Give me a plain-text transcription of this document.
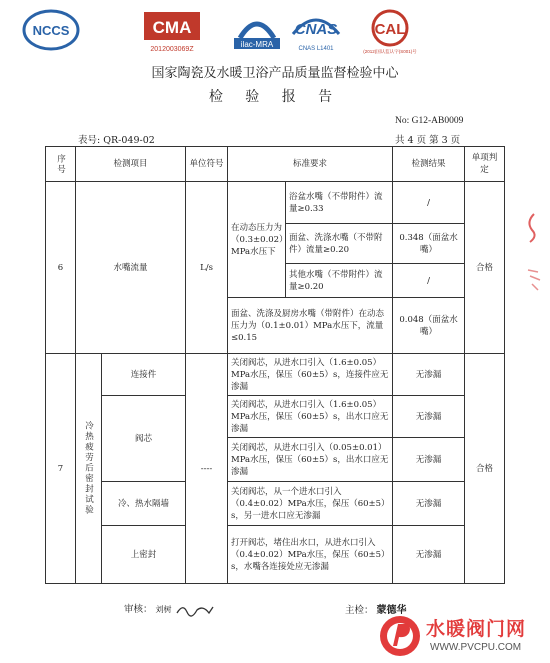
NCCS	CMA
2012003069Z
ilac-MRA
CNAS
CNAS L1401
CAL
(2012)国认监认字(S001)号
国家陶瓷及水暖卫浴产品质量监督检验中心
检 验 报 告
No: G12-AB0009
表号: QR-049-02	共 4 页 第 3 页
序号	检测项目		单位符号	标准要求		检测结果	单项判定
6	水嘴流量		L/s	在动态压力为（0.3±0.02）MPa水压下	浴盆水嘴（不带附件）流量≥0.33	/	合格
					面盆、洗涤水嘴（不带附件）流量≥0.20	0.348（面盆水嘴）	
					其他水嘴（不带附件）流量≥0.20	/	
				面盆、洗涤及厨房水嘴（带附件）在动态压力为（0.1±0.01）MPa水压下，流量≤0.15		0.048（面盆水嘴）	
7	冷热疲劳后密封试验	连接件	----	关闭阀芯，从进水口引入（1.6±0.05）MPa水压，保压（60±5）s，连接件应无渗漏		无渗漏	合格
		阀芯		关闭阀芯，从进水口引入（1.6±0.05）MPa水压，保压（60±5）s，出水口应无渗漏		无渗漏	
				关闭阀芯，从进水口引入（0.05±0.01）MPa水压，保压（60±5）s，出水口应无渗漏		无渗漏	
		冷、热水隔墙		关闭阀芯，从一个进水口引入（0.4±0.02）MPa水压，保压（60±5）s，另一进水口应无渗漏		无渗漏	
		上密封		打开阀芯，堵住出水口，从进水口引入（0.4±0.02）MPa水压，保压（60±5）s，水嘴各连接处应无渗漏		无渗漏	
审核： 刘树	主检： 蒙德华
水暖阀门网
WWW.PVCPU.COM
